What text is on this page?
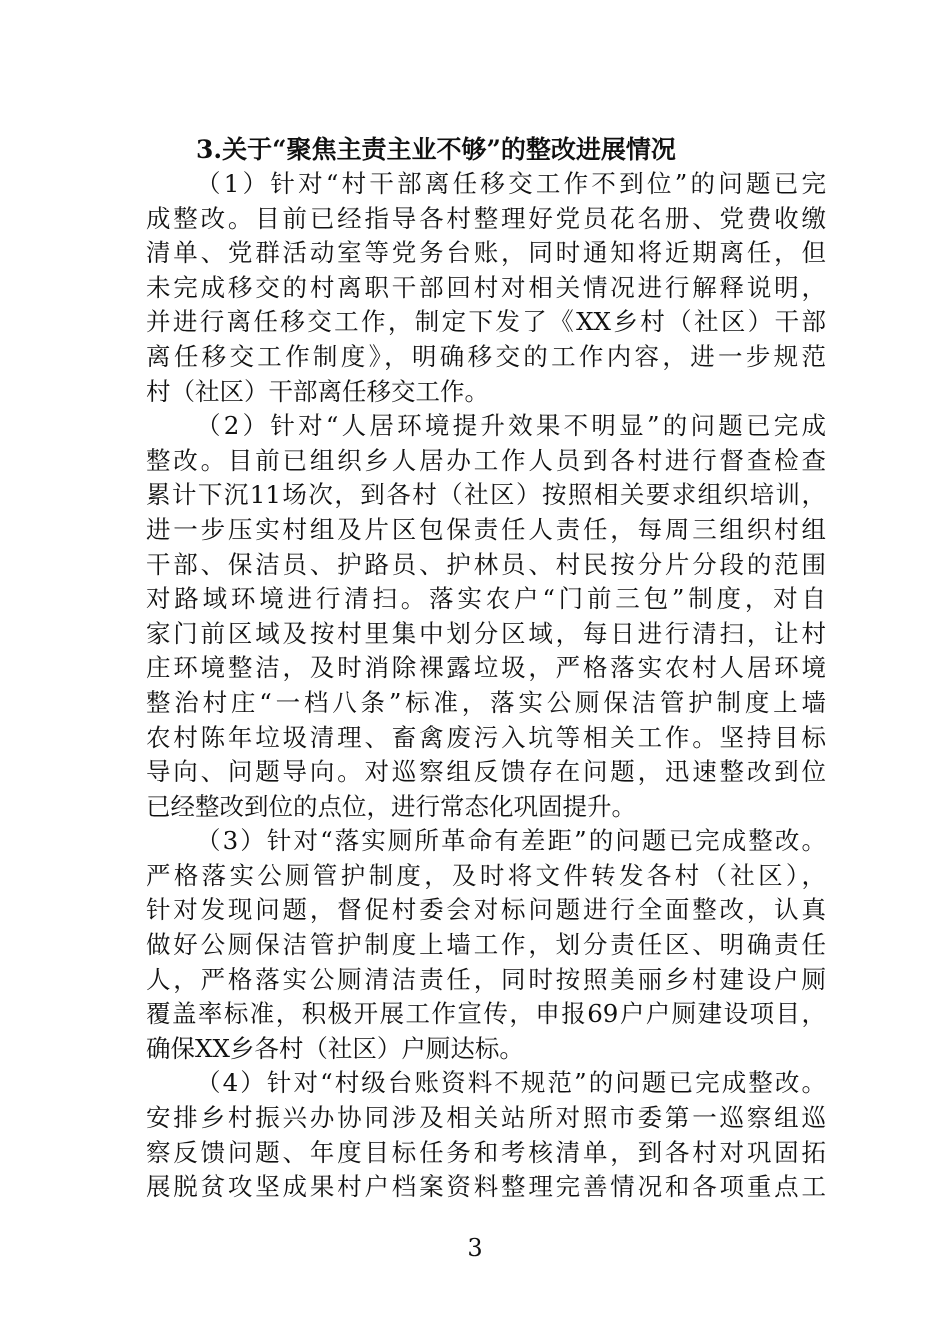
3.关于“聚焦主责主业不够”的整改进展情况
（1）针对“村干部离任移交工作不到位”的问题已完
成整改。目前已经指导各村整理好党员花名册、党费收缴
清单、党群活动室等党务台账，同时通知将近期离任，但
未完成移交的村离职干部回村对相关情况进行解释说明，
并进行离任移交工作，制定下发了《XX乡村（社区）干部
离任移交工作制度》，明确移交的工作内容，进一步规范
村（社区）干部离任移交工作。
（2）针对“人居环境提升效果不明显”的问题已完成
整改。目前已组织乡人居办工作人员到各村进行督查检查
累计下沉11场次，到各村（社区）按照相关要求组织培训，
进一步压实村组及片区包保责任人责任，每周三组织村组
干部、保洁员、护路员、护林员、村民按分片分段的范围
对路域环境进行清扫。落实农户“门前三包”制度，对自
家门前区域及按村里集中划分区域，每日进行清扫，让村
庄环境整洁，及时消除裸露垃圾，严格落实农村人居环境
整治村庄“一档八条”标准，落实公厕保洁管护制度上墙
农村陈年垃圾清理、畜禽废污入坑等相关工作。坚持目标
导向、问题导向。对巡察组反馈存在问题，迅速整改到位
已经整改到位的点位，进行常态化巩固提升。
（3）针对“落实厕所革命有差距”的问题已完成整改。
严格落实公厕管护制度，及时将文件转发各村（社区），
针对发现问题，督促村委会对标问题进行全面整改，认真
做好公厕保洁管护制度上墙工作，划分责任区、明确责任
人，严格落实公厕清洁责任，同时按照美丽乡村建设户厕
覆盖率标准，积极开展工作宣传，申报69户户厕建设项目，
确保XX乡各村（社区）户厕达标。
（4）针对“村级台账资料不规范”的问题已完成整改。
安排乡村振兴办协同涉及相关站所对照市委第一巡察组巡
察反馈问题、年度目标任务和考核清单，到各村对巩固拓
展脱贫攻坚成果村户档案资料整理完善情况和各项重点工
3
